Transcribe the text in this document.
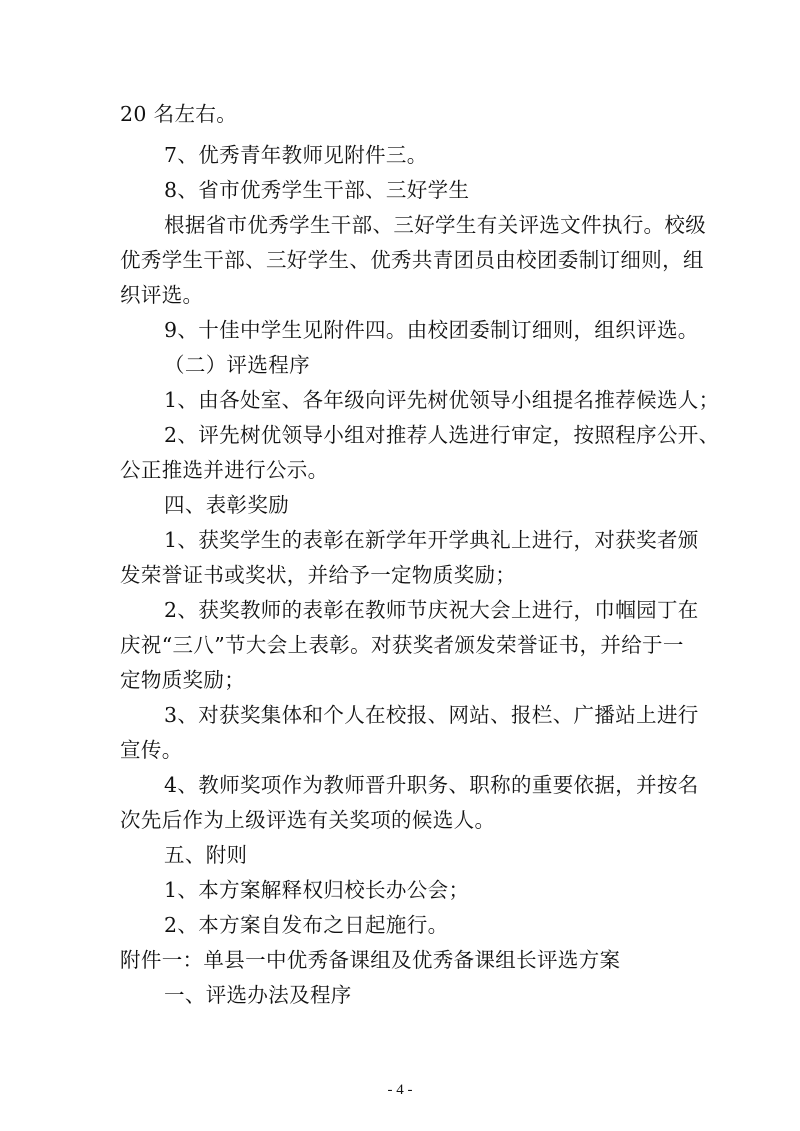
20 名左右。
7、优秀青年教师见附件三。
8、省市优秀学生干部、三好学生
根据省市优秀学生干部、三好学生有关评选文件执行。校级
优秀学生干部、三好学生、优秀共青团员由校团委制订细则，组
织评选。
9、十佳中学生见附件四。由校团委制订细则，组织评选。
（二）评选程序
1、由各处室、各年级向评先树优领导小组提名推荐候选人；
2、评先树优领导小组对推荐人选进行审定，按照程序公开、
公正推选并进行公示。
四、表彰奖励
1、获奖学生的表彰在新学年开学典礼上进行，对获奖者颁
发荣誉证书或奖状，并给予一定物质奖励；
2、获奖教师的表彰在教师节庆祝大会上进行，巾帼园丁在
庆祝“三八”节大会上表彰。对获奖者颁发荣誉证书，并给于一
定物质奖励；
3、对获奖集体和个人在校报、网站、报栏、广播站上进行
宣传。
4、教师奖项作为教师晋升职务、职称的重要依据，并按名
次先后作为上级评选有关奖项的候选人。
五、附则
1、本方案解释权归校长办公会；
2、本方案自发布之日起施行。
附件一：单县一中优秀备课组及优秀备课组长评选方案
一、评选办法及程序
- 4 -
